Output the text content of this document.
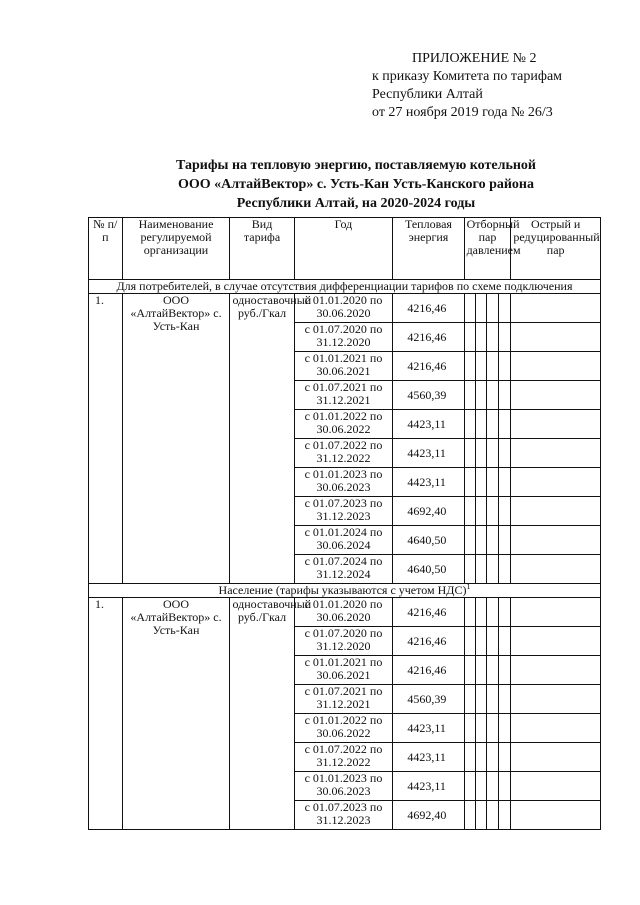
ПРИЛОЖЕНИЕ № 2
к приказу Комитета по тарифам
Республики Алтай
от 27 ноября 2019 года № 26/3
Тарифы на тепловую энергию, поставляемую котельной
ООО «АлтайВектор» с. Усть-Кан Усть-Канского района
Республики Алтай, на 2020-2024 годы
№ п/п	Наименование регулируемой организации	Вид тарифа	Год	Тепловая энергия	Отборный пар давлением				Острый и редуцированный пар
Для потребителей, в случае отсутствия дифференциации тарифов по схеме подключения									
1.	ООО «АлтайВектор» с. Усть-Кан	одноставочный руб./Гкал	с 01.01.2020 по 30.06.2020	4216,46					
			с 01.07.2020 по 31.12.2020	4216,46					
			с 01.01.2021 по 30.06.2021	4216,46					
			с 01.07.2021 по 31.12.2021	4560,39					
			с 01.01.2022 по 30.06.2022	4423,11					
			с 01.07.2022 по 31.12.2022	4423,11					
			с 01.01.2023 по 30.06.2023	4423,11					
			с 01.07.2023 по 31.12.2023	4692,40					
			с 01.01.2024 по 30.06.2024	4640,50					
			с 01.07.2024 по 31.12.2024	4640,50					
Население (тарифы указываются с учетом НДС)$^1$
1.	ООО «АлтайВектор» с. Усть-Кан	одноставочный руб./Гкал	с 01.01.2020 по 30.06.2020	4216,46					
			с 01.07.2020 по 31.12.2020	4216,46					
			с 01.01.2021 по 30.06.2021	4216,46					
			с 01.07.2021 по 31.12.2021	4560,39					
			с 01.01.2022 по 30.06.2022	4423,11					
			с 01.07.2022 по 31.12.2022	4423,11					
			с 01.01.2023 по 30.06.2023	4423,11					
			с 01.07.2023 по 31.12.2023	4692,40					
